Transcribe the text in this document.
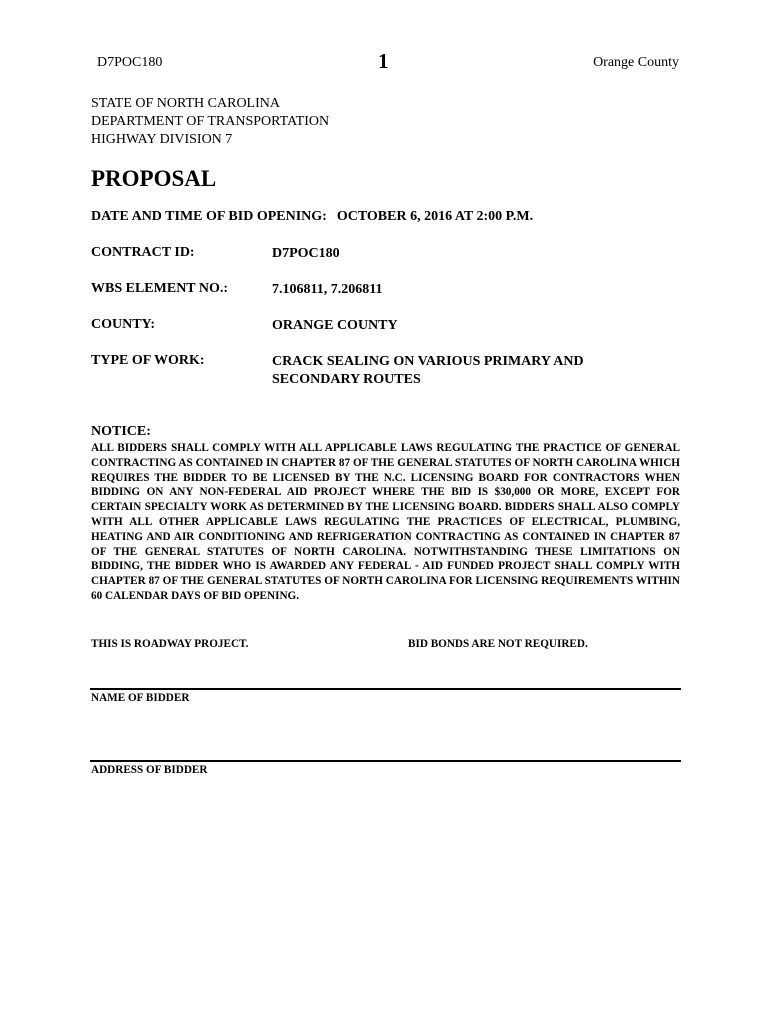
D7POC180	1	Orange County
STATE OF NORTH CAROLINA
DEPARTMENT OF TRANSPORTATION
HIGHWAY DIVISION 7
PROPOSAL
DATE AND TIME OF BID OPENING: OCTOBER 6, 2016 AT 2:00 P.M.
CONTRACT ID:	D7POC180
WBS ELEMENT NO.:	7.106811, 7.206811
COUNTY:	ORANGE COUNTY
TYPE OF WORK:	CRACK SEALING ON VARIOUS PRIMARY AND
SECONDARY ROUTES
NOTICE:
ALL BIDDERS SHALL COMPLY WITH ALL APPLICABLE LAWS REGULATING THE PRACTICE OF GENERAL CONTRACTING AS CONTAINED IN CHAPTER 87 OF THE GENERAL STATUTES OF NORTH CAROLINA WHICH REQUIRES THE BIDDER TO BE LICENSED BY THE N.C. LICENSING BOARD FOR CONTRACTORS WHEN BIDDING ON ANY NON-FEDERAL AID PROJECT WHERE THE BID IS $30,000 OR MORE, EXCEPT FOR CERTAIN SPECIALTY WORK AS DETERMINED BY THE LICENSING BOARD. BIDDERS SHALL ALSO COMPLY WITH ALL OTHER APPLICABLE LAWS REGULATING THE PRACTICES OF ELECTRICAL, PLUMBING, HEATING AND AIR CONDITIONING AND REFRIGERATION CONTRACTING AS CONTAINED IN CHAPTER 87 OF THE GENERAL STATUTES OF NORTH CAROLINA. NOTWITHSTANDING THESE LIMITATIONS ON BIDDING, THE BIDDER WHO IS AWARDED ANY FEDERAL - AID FUNDED PROJECT SHALL COMPLY WITH CHAPTER 87 OF THE GENERAL STATUTES OF NORTH CAROLINA FOR LICENSING REQUIREMENTS WITHIN 60 CALENDAR DAYS OF BID OPENING.
THIS IS ROADWAY PROJECT.	BID BONDS ARE NOT REQUIRED.
NAME OF BIDDER
ADDRESS OF BIDDER
